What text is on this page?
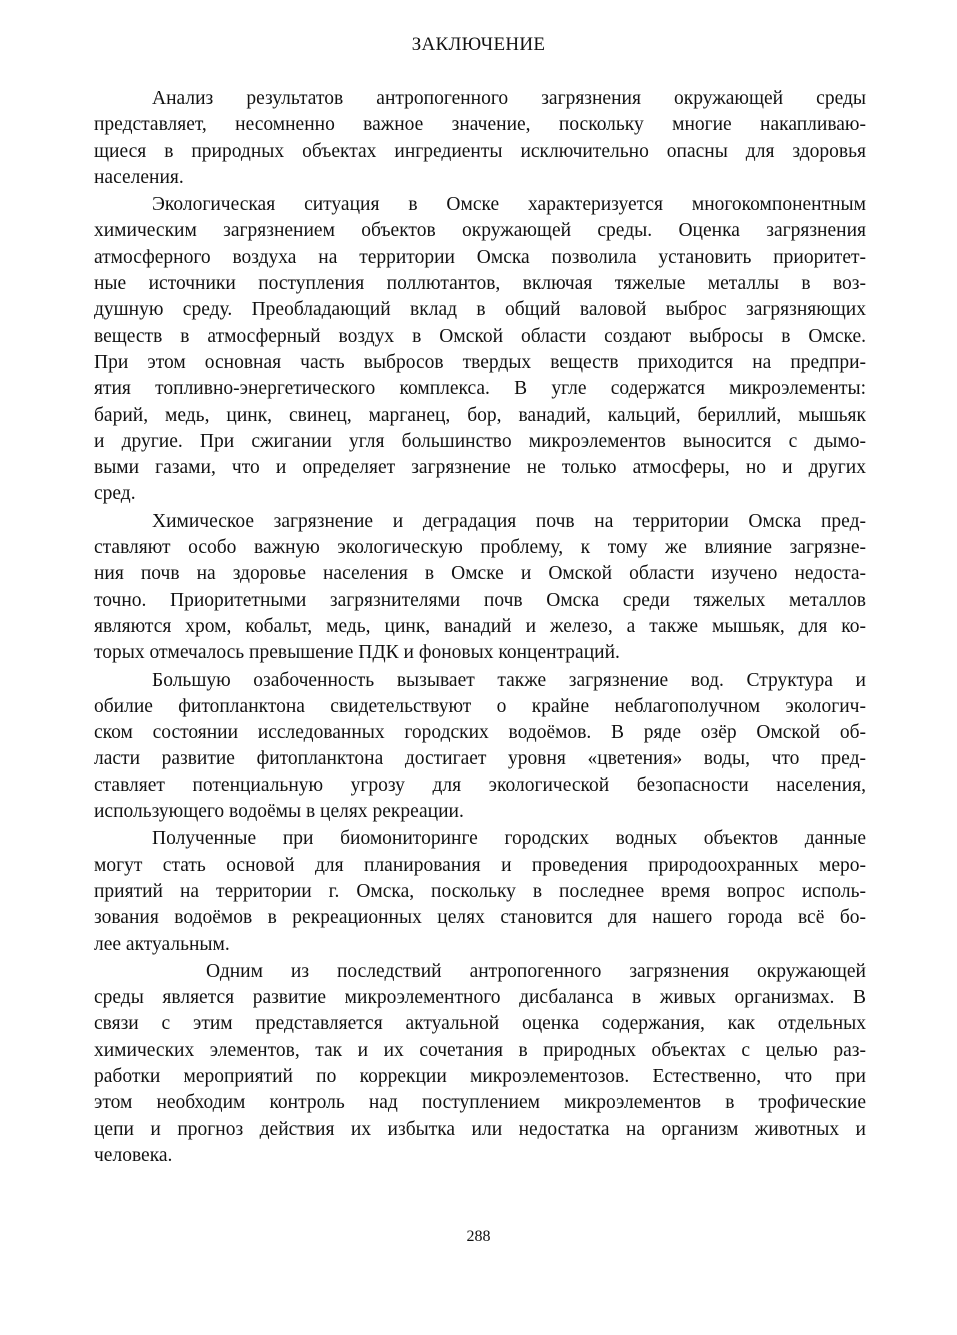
ЗАКЛЮЧЕНИЕ
Анализ результатов антропогенного загрязнения окружающей среды
представляет, несомненно важное значение, поскольку многие накапливаю-
щиеся в природных объектах ингредиенты исключительно опасны для здоровья
населения.
Экологическая ситуация в Омске характеризуется многокомпонентным
химическим загрязнением объектов окружающей среды. Оценка загрязнения
атмосферного воздуха на территории Омска позволила установить приоритет-
ные источники поступления поллютантов, включая тяжелые металлы в воз-
душную среду. Преобладающий вклад в общий валовой выброс загрязняющих
веществ в атмосферный воздух в Омской области создают выбросы в Омске.
При этом основная часть выбросов твердых веществ приходится на предпри-
ятия топливно-энергетического комплекса. В угле содержатся микроэлементы:
барий, медь, цинк, свинец, марганец, бор, ванадий, кальций, бериллий, мышьяк
и другие. При сжигании угля большинство микроэлементов выносится с дымо-
выми газами, что и определяет загрязнение не только атмосферы, но и других
сред.
Химическое загрязнение и деградация почв на территории Омска пред-
ставляют особо важную экологическую проблему, к тому же влияние загрязне-
ния почв на здоровье населения в Омске и Омской области изучено недоста-
точно. Приоритетными загрязнителями почв Омска среди тяжелых металлов
являются хром, кобальт, медь, цинк, ванадий и железо, а также мышьяк, для ко-
торых отмечалось превышение ПДК и фоновых концентраций.
Большую озабоченность вызывает также загрязнение вод. Структура и
обилие фитопланктона свидетельствуют о крайне неблагополучном экологич-
ском состоянии исследованных городских водоёмов. В ряде озёр Омской об-
ласти развитие фитопланктона достигает уровня «цветения» воды, что пред-
ставляет потенциальную угрозу для экологической безопасности населения,
использующего водоёмы в целях рекреации.
Полученные при биомониторинге городских водных объектов данные
могут стать основой для планирования и проведения природоохранных меро-
приятий на территории г. Омска, поскольку в последнее время вопрос исполь-
зования водоёмов в рекреационных целях становится для нашего города всё бо-
лее актуальным.
Одним из последствий антропогенного загрязнения окружающей
среды является развитие микроэлементного дисбаланса в живых организмах. В
связи с этим представляется актуальной оценка содержания, как отдельных
химических элементов, так и их сочетания в природных объектах с целью раз-
работки мероприятий по коррекции микроэлементозов. Естественно, что при
этом необходим контроль над поступлением микроэлементов в трофические
цепи и прогноз действия их избытка или недостатка на организм животных и
человека.
288
